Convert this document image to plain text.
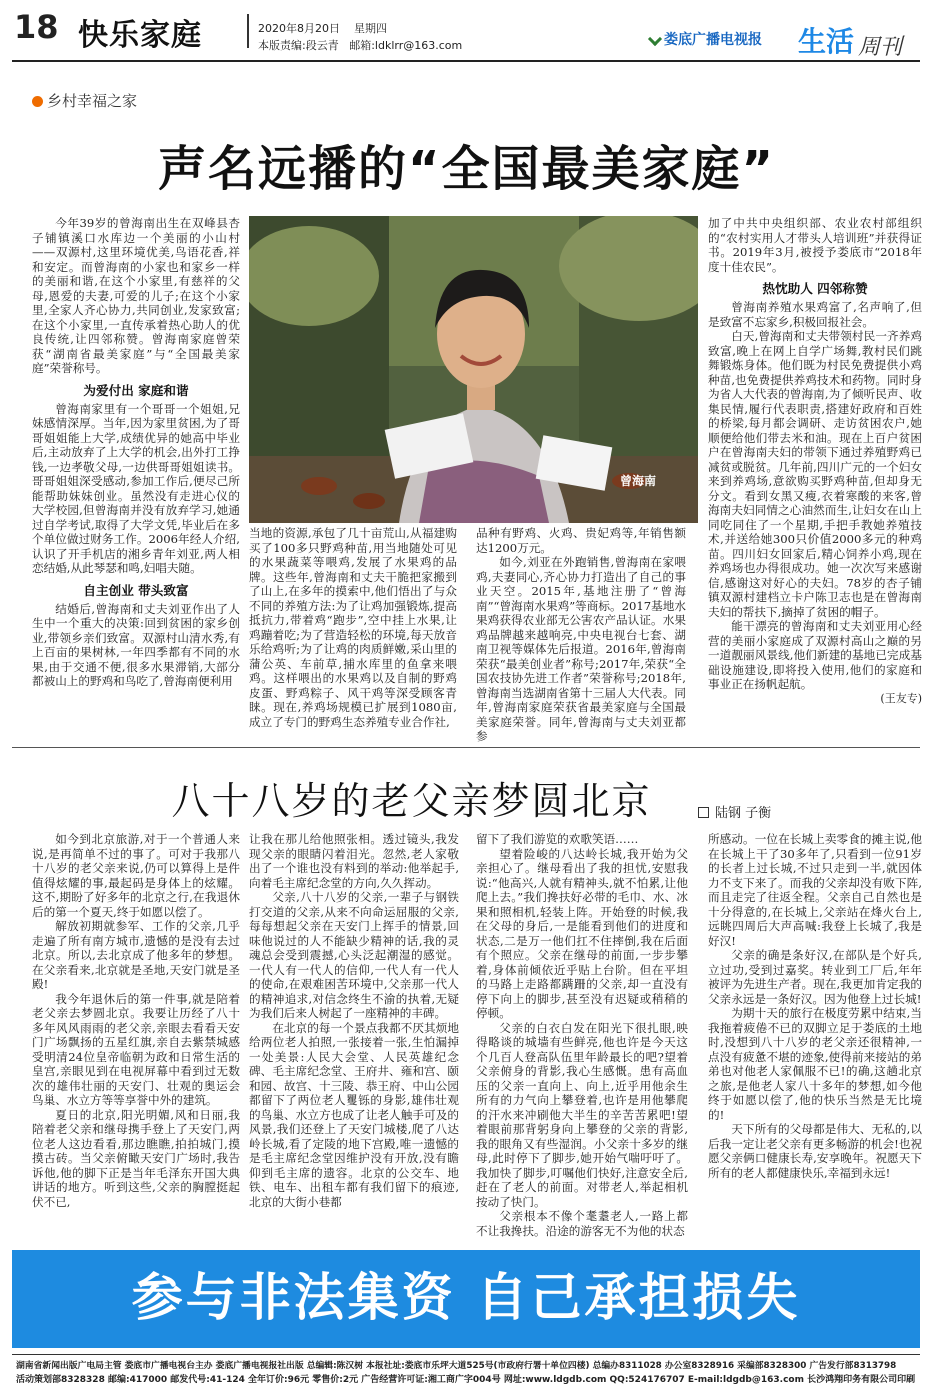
18 快乐家庭	2020年8月20日 星期四
本版责编:段云青 邮箱:ldklrr@163.com	娄底广播电视报 生活 周刊
乡村幸福之家
声名远播的“全国最美家庭”

今年39岁的曾海南出生在双峰县杏子铺镇溪口水库边一个美丽的小山村——双源村,这里环境优美,鸟语花香,祥和安定。而曾海南的小家也和家乡一样的美丽和谐,在这个小家里,有慈祥的父母,恩爱的夫妻,可爱的儿子;在这个小家里,全家人齐心协力,共同创业,发家致富;在这个小家里,一直传承着热心助人的优良传统,让四邻称赞。曾海南家庭曾荣获“湖南省最美家庭”与“全国最美家庭”荣誉称号。

为爱付出 家庭和谐

曾海南家里有一个哥哥一个姐姐,兄妹感情深厚。当年,因为家里贫困,为了哥哥姐姐能上大学,成绩优异的她高中毕业后,主动放弃了上大学的机会,出外打工挣钱,一边孝敬父母,一边供哥哥姐姐读书。哥哥姐姐深受感动,参加工作后,便尽己所能帮助妹妹创业。虽然没有走进心仪的大学校园,但曾海南并没有放弃学习,她通过自学考试,取得了大学文凭,毕业后在多个单位做过财务工作。2006年经人介绍,认识了开手机店的湘乡青年刘亚,两人相恋结婚,从此琴瑟和鸣,妇唱夫随。

自主创业 带头致富

结婚后,曾海南和丈夫刘亚作出了人生中一个重大的决策:回到贫困的家乡创业,带领乡亲们致富。双源村山清水秀,有上百亩的果树林,一年四季都有不同的水果,由于交通不便,很多水果滞销,大部分都被山上的野鸡和鸟吃了,曾海南便利用

曾海南

当地的资源,承包了几十亩荒山,从福建购买了100多只野鸡种苗,用当地随处可见的水果蔬菜等喂鸡,发展了水果鸡的品牌。这些年,曾海南和丈夫干脆把家搬到了山上,在多年的摸索中,他们悟出了与众不同的养殖方法:为了让鸡加强锻炼,提高抵抗力,带着鸡“跑步”,空中挂上水果,让鸡蹦着吃;为了营造轻松的环境,每天放音乐给鸡听;为了让鸡的肉质鲜嫩,采山里的蒲公英、车前草,捕水库里的鱼拿来喂鸡。这样喂出的水果鸡以及自制的野鸡皮蛋、野鸡粽子、风干鸡等深受顾客青睐。现在,养鸡场规模已扩展到1080亩,成立了专门的野鸡生态养殖专业合作社,

品种有野鸡、火鸡、贵妃鸡等,年销售额达1200万元。

如今,刘亚在外跑销售,曾海南在家喂鸡,夫妻同心,齐心协力打造出了自己的事业天空。2015年,基地注册了“曾海南”“曾海南水果鸡”等商标。2017基地水果鸡获得农业部无公害农产品认证。水果鸡品牌越来越响亮,中央电视台七套、湖南卫视等媒体先后报道。2016年,曾海南荣获“最美创业者”称号;2017年,荣获“全国农技协先进工作者”荣誉称号;2018年,曾海南当选湖南省第十三届人大代表。同年,曾海南家庭荣获省最美家庭与全国最美家庭荣誉。同年,曾海南与丈夫刘亚都参

加了中共中央组织部、农业农村部组织的“农村实用人才带头人培训班”并获得证书。2019年3月,被授予娄底市“2018年度十佳农民”。

热忱助人 四邻称赞

曾海南养殖水果鸡富了,名声响了,但是致富不忘家乡,积极回报社会。

白天,曾海南和丈夫带领村民一齐养鸡致富,晚上在网上自学广场舞,教村民们跳舞锻炼身体。他们既为村民免费提供小鸡种苗,也免费提供养鸡技术和药物。同时身为省人大代表的曾海南,为了倾听民声、收集民情,履行代表职责,搭建好政府和百姓的桥梁,每月都会调研、走访贫困农户,她顺便给他们带去米和油。现在上百户贫困户在曾海南夫妇的带领下通过养殖野鸡已减贫或脱贫。几年前,四川广元的一个妇女来到养鸡场,意欲购买野鸡种苗,但却身无分文。看到女黑又瘦,衣着寒酸的来客,曾海南夫妇同情之心油然而生,让妇女在山上同吃同住了一个星期,手把手教她养殖技术,并送给她300只价值2000多元的种鸡苗。四川妇女回家后,精心饲养小鸡,现在养鸡场也办得很成功。她一次次写来感谢信,感谢这对好心的夫妇。78岁的杏子铺镇双源村建档立卡户陈卫志也是在曾海南夫妇的帮扶下,摘掉了贫困的帽子。

能干漂亮的曾海南和丈夫刘亚用心经营的美丽小家庭成了双源村高山之巅的另一道靓丽风景线,他们新建的基地已完成基础设施建设,即将投入使用,他们的家庭和事业正在扬帆起航。

(王友专)
八十八岁的老父亲梦圆北京	陆钢 子衡

如今到北京旅游,对于一个普通人来说,是再简单不过的事了。可对于我那八十八岁的老父亲来说,仍可以算得上是件值得炫耀的事,最起码是身体上的炫耀。这不,期盼了好多年的北京之行,在我退休后的第一个夏天,终于如愿以偿了。

解放初期就参军、工作的父亲,几乎走遍了所有南方城市,遗憾的是没有去过北京。所以,去北京成了他多年的梦想。在父亲看来,北京就是圣地,天安门就是圣殿!

我今年退休后的第一件事,就是陪着老父亲去梦圆北京。我要让历经了八十多年风风雨雨的老父亲,亲眼去看看天安门广场飘扬的五星红旗,亲自去紫禁城感受明清24位皇帝临朝为政和日常生活的皇宫,亲眼见到在电视屏幕中看到过无数次的雄伟壮丽的天安门、壮观的奥运会鸟巢、水立方等等享誉中外的建筑。

夏日的北京,阳光明媚,风和日丽,我陪着老父亲和继母携手登上了天安门,两位老人这边看看,那边瞧瞧,拍拍城门,摸摸古砖。当父亲俯瞰天安门广场时,我告诉他,他的脚下正是当年毛泽东开国大典讲话的地方。听到这些,父亲的胸膛挺起伏不已,

让我在那儿给他照张相。透过镜头,我发现父亲的眼睛闪着泪光。忽然,老人家敬出了一个谁也没有料到的举动:他举起手,向着毛主席纪念堂的方向,久久挥动。

父亲,八十八岁的父亲,一辈子与钢铁打交道的父亲,从来不向命运屈服的父亲,每每想起父亲在天安门上挥手的情景,回味他说过的人不能缺少精神的话,我的灵魂总会受到震撼,心头泛起潮湿的感觉。一代人有一代人的信仰,一代人有一代人的使命,在艰难困苦环境中,父亲那一代人的精神追求,对信念终生不渝的执着,无疑为我们后来人树起了一座精神的丰碑。

在北京的每一个景点我都不厌其烦地给两位老人拍照,一张接着一张,生怕漏掉一处美景:人民大会堂、人民英雄纪念碑、毛主席纪念堂、王府井、雍和宫、颐和园、故宫、十三陵、恭王府、中山公园都留下了两位老人矍铄的身影,雄伟壮观的鸟巢、水立方也成了让老人触手可及的风景,我们还登上了天安门城楼,爬了八达岭长城,看了定陵的地下宫殿,唯一遗憾的是毛主席纪念堂因维护没有开放,没有瞻仰到毛主席的遗容。北京的公交车、地铁、电车、出租车都有我们留下的痕迹,北京的大街小巷都

留下了我们游览的欢歌笑语……

望着险峻的八达岭长城,我开始为父亲担心了。继母看出了我的担忧,安慰我说:“他高兴,人就有精神头,就不怕累,让他爬上去。”我们搀扶好必带的毛巾、水、冰果和照相机,轻装上阵。开始登的时候,我在父母的身后,一是能看到他们的进度和状态,二是万一他们扛不住摔倒,我在后面有个照应。父亲在继母的前面,一步步攀着,身体前倾依近乎贴上台阶。但在平坦的马路上走路都蹒跚的父亲,却一直没有停下向上的脚步,甚至没有迟疑或稍稍的停顿。

父亲的白衣白发在阳光下很扎眼,映得略谈的城墙有些鲜亮,他也许是今天这个几百人登高队伍里年龄最长的吧?望着父亲俯身的背影,我心生感慨。患有高血压的父亲一直向上、向上,近乎用他余生所有的力气向上攀登着,也许是用他攀爬的汗水来冲刷他大半生的辛苦苦累吧!望着眼前那背躬身向上攀登的父亲的背影,我的眼角又有些湿润。小父亲十多岁的继母,此时停下了脚步,她开始气喘吁吁了。我加快了脚步,叮嘱他们快好,注意安全后,赶在了老人的前面。对带老人,举起相机按动了快门。

父亲根本不像个耄耋老人,一路上都不让我搀扶。沿途的游客无不为他的状态

所感动。一位在长城上卖零食的摊主说,他在长城上干了30多年了,只看到一位91岁的长者上过长城,不过只走到一半,就因体力不支下来了。而我的父亲却没有败下阵,而且走完了往返全程。父亲自己自然也是十分得意的,在长城上,父亲站在烽火台上,远眺四周后大声高喊:我登上长城了,我是好汉!

父亲的确是条好汉,在部队是个好兵,立过功,受到过嘉奖。转业到工厂后,年年被评为先进生产者。现在,我更加肯定我的父亲永远是一条好汉。因为他登上过长城!

为期十天的旅行在极度劳累中结束,当我拖着疲倦不已的双脚立足于娄底的土地时,没想到八十八岁的老父亲还很精神,一点没有疲惫不堪的迹象,使得前来接站的弟弟也对他老人家佩服不已!的确,这趟北京之旅,是他老人家八十多年的梦想,如今他终于如愿以偿了,他的快乐当然是无比境的!

天下所有的父母都是伟大、无私的,以后我一定让老父亲有更多畅游的机会!也祝愿父亲俩口健康长寿,安享晚年。祝愿天下所有的老人都健康快乐,幸福到永远!

参与非法集资 自己承担损失
湖南省新闻出版广电局主管 娄底市广播电视台主办 娄底广播电视报社出版 总编辑:陈汉树 本报社址:娄底市乐坪大道525号(市政府行署十单位四楼) 总编办8311028 办公室8328916 采编部8328300 广告发行部8313798
活动策划部8328328 邮编:417000 邮发代号:41-124 全年订价:96元 零售价:2元 广告经营许可证:湘工商广字004号 网址:www.ldgdb.com QQ:524176707 E-mail:ldgdb@163.com 长沙鸿翔印务有限公司印刷
